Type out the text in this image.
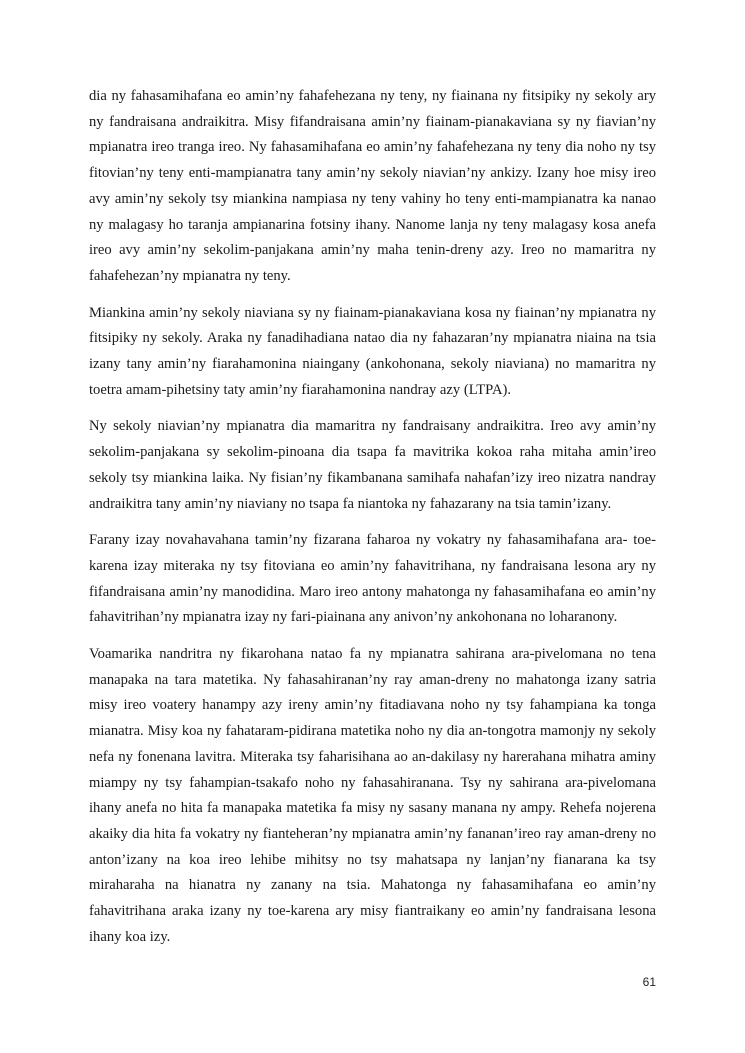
dia ny fahasamihafana eo amin’ny fahafehezana ny teny, ny fiainana ny fitsipiky ny sekoly ary ny fandraisana andraikitra. Misy fifandraisana amin’ny fiainam-pianakaviana sy ny fiavian’ny mpianatra ireo tranga ireo. Ny fahasamihafana eo amin’ny fahafehezana ny teny dia noho ny tsy fitovian’ny teny enti-mampianatra tany amin’ny sekoly niavian’ny ankizy. Izany hoe misy ireo avy amin’ny sekoly tsy miankina nampiasa ny teny vahiny ho teny enti-mampianatra ka nanao ny malagasy ho taranja ampianarina fotsiny ihany. Nanome lanja ny teny malagasy kosa anefa ireo avy amin’ny sekolim-panjakana amin’ny maha tenin-dreny azy. Ireo no mamaritra ny fahafehezan’ny mpianatra ny teny.

Miankina amin’ny sekoly niaviana sy ny fiainam-pianakaviana kosa ny fiainan’ny mpianatra ny fitsipiky ny sekoly. Araka ny fanadihadiana natao dia ny fahazaran’ny mpianatra niaina na tsia izany tany amin’ny fiarahamonina niaingany (ankohonana, sekoly niaviana) no mamaritra ny toetra amam-pihetsiny taty amin’ny fiarahamonina nandray azy (LTPA).

Ny sekoly niavian’ny mpianatra dia mamaritra ny fandraisany andraikitra. Ireo avy amin’ny sekolim-panjakana sy sekolim-pinoana dia tsapa fa mavitrika kokoa raha mitaha amin’ireo sekoly tsy miankina laika. Ny fisian’ny fikambanana samihafa nahafan’izy ireo nizatra nandray andraikitra tany amin’ny niaviany no tsapa fa niantoka ny fahazarany na tsia tamin’izany.

Farany izay novahavahana tamin’ny fizarana faharoa ny vokatry ny fahasamihafana ara- toe-karena izay miteraka ny tsy fitoviana eo amin’ny fahavitrihana, ny fandraisana lesona ary ny fifandraisana amin’ny manodidina. Maro ireo antony mahatonga ny fahasamihafana eo amin’ny fahavitrihan’ny mpianatra izay ny fari-piainana any anivon’ny ankohonana no loharanony.

Voamarika nandritra ny fikarohana natao fa ny mpianatra sahirana ara-pivelomana no tena manapaka na tara matetika. Ny fahasahiranan’ny ray aman-dreny no mahatonga izany satria misy ireo voatery hanampy azy ireny amin’ny fitadiavana noho ny tsy fahampiana ka tonga mianatra. Misy koa ny fahataram-pidirana matetika noho ny dia an-tongotra mamonjy ny sekoly nefa ny fonenana lavitra. Miteraka tsy faharisihana ao an-dakilasy ny harerahana mihatra aminy miampy ny tsy fahampian-tsakafo noho ny fahasahiranana. Tsy ny sahirana ara-pivelomana ihany anefa no hita fa manapaka matetika fa misy ny sasany manana ny ampy. Rehefa nojerena akaiky dia hita fa vokatry ny fianteheran’ny mpianatra amin’ny fananan’ireo ray aman-dreny no anton’izany na koa ireo lehibe mihitsy no tsy mahatsapa ny lanjan’ny fianarana ka tsy miraharaha na hianatra ny zanany na tsia. Mahatonga ny fahasamihafana eo amin’ny fahavitrihana araka izany ny toe-karena ary misy fiantraikany eo amin’ny fandraisana lesona ihany koa izy.

61
